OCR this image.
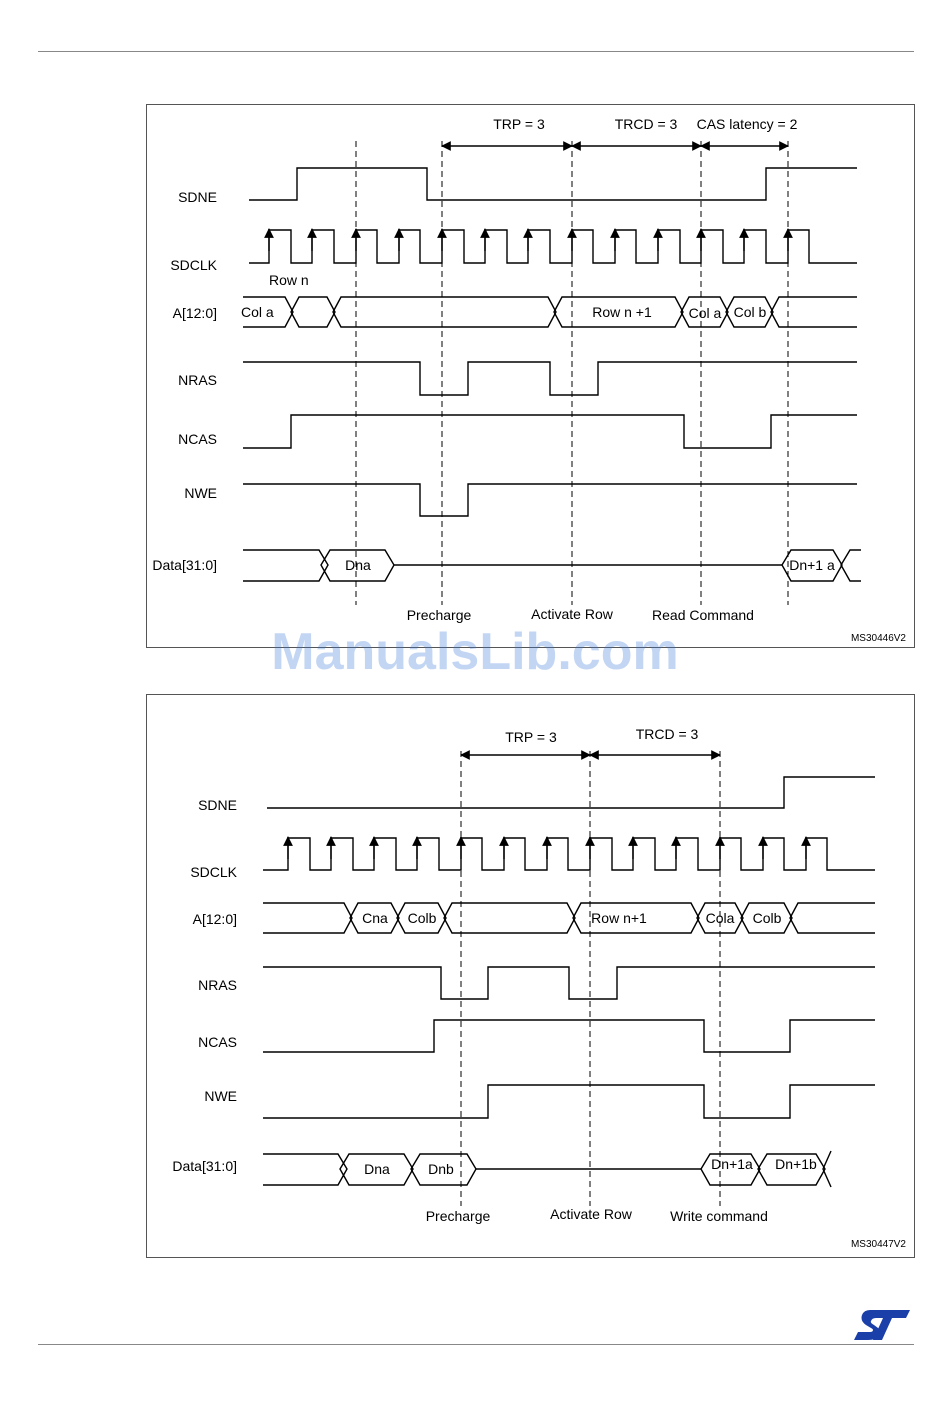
TRP = 3	TRCD = 3 CAS latency = 2
SDNE
SDCLK
A[12:0]
NRAS
NCAS
NWE
Data[31:0]
Row n
Col a	Row n +1	Col a Col b
Dna	Dn+1 a
Precharge	Activate Row	Read Command
MS30446V2
TRP = 3	TRCD = 3
SDNE
SDCLK
A[12:0]
NRAS
NCAS
NWE
Data[31:0]
Cna Colb	Row n+1	Cola Colb
Dna	Dnb	Dn+1a Dn+1b
Precharge	Activate Row	Write command
MS30447V2
ManualsLib.com
